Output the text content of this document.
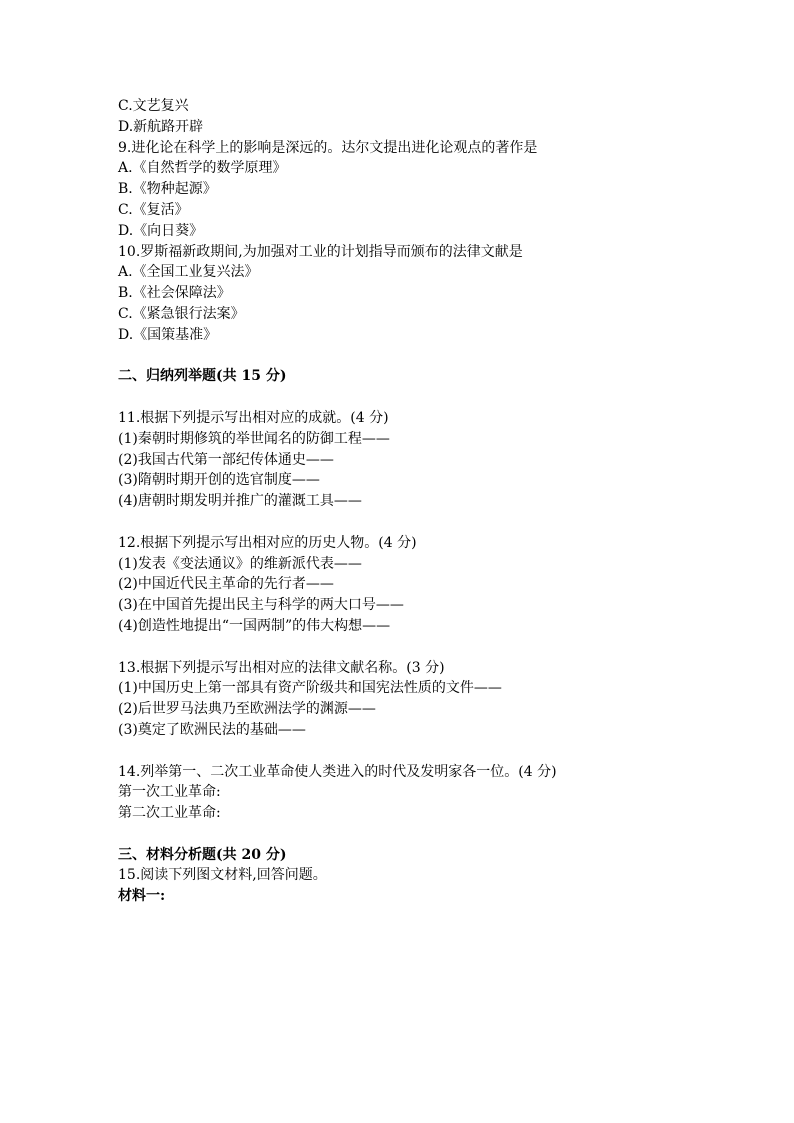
C.文艺复兴
D.新航路开辟
9.进化论在科学上的影响是深远的。达尔文提出进化论观点的著作是
A.《自然哲学的数学原理》
B.《物种起源》
C.《复活》
D.《向日葵》
10.罗斯福新政期间,为加强对工业的计划指导而颁布的法律文献是
A.《全国工业复兴法》
B.《社会保障法》
C.《紧急银行法案》
D.《国策基准》
二、归纳列举题(共 15 分)
11.根据下列提示写出相对应的成就。(4 分)
(1)秦朝时期修筑的举世闻名的防御工程——
(2)我国古代第一部纪传体通史——
(3)隋朝时期开创的选官制度——
(4)唐朝时期发明并推广的灌溉工具——
12.根据下列提示写出相对应的历史人物。(4 分)
(1)发表《变法通议》的维新派代表——
(2)中国近代民主革命的先行者——
(3)在中国首先提出民主与科学的两大口号——
(4)创造性地提出“一国两制”的伟大构想——
13.根据下列提示写出相对应的法律文献名称。(3 分)
(1)中国历史上第一部具有资产阶级共和国宪法性质的文件——
(2)后世罗马法典乃至欧洲法学的渊源——
(3)奠定了欧洲民法的基础——
14.列举第一、二次工业革命使人类进入的时代及发明家各一位。(4 分)
第一次工业革命:
第二次工业革命:
三、材料分析题(共 20 分)
15.阅读下列图文材料,回答问题。
材料一:
